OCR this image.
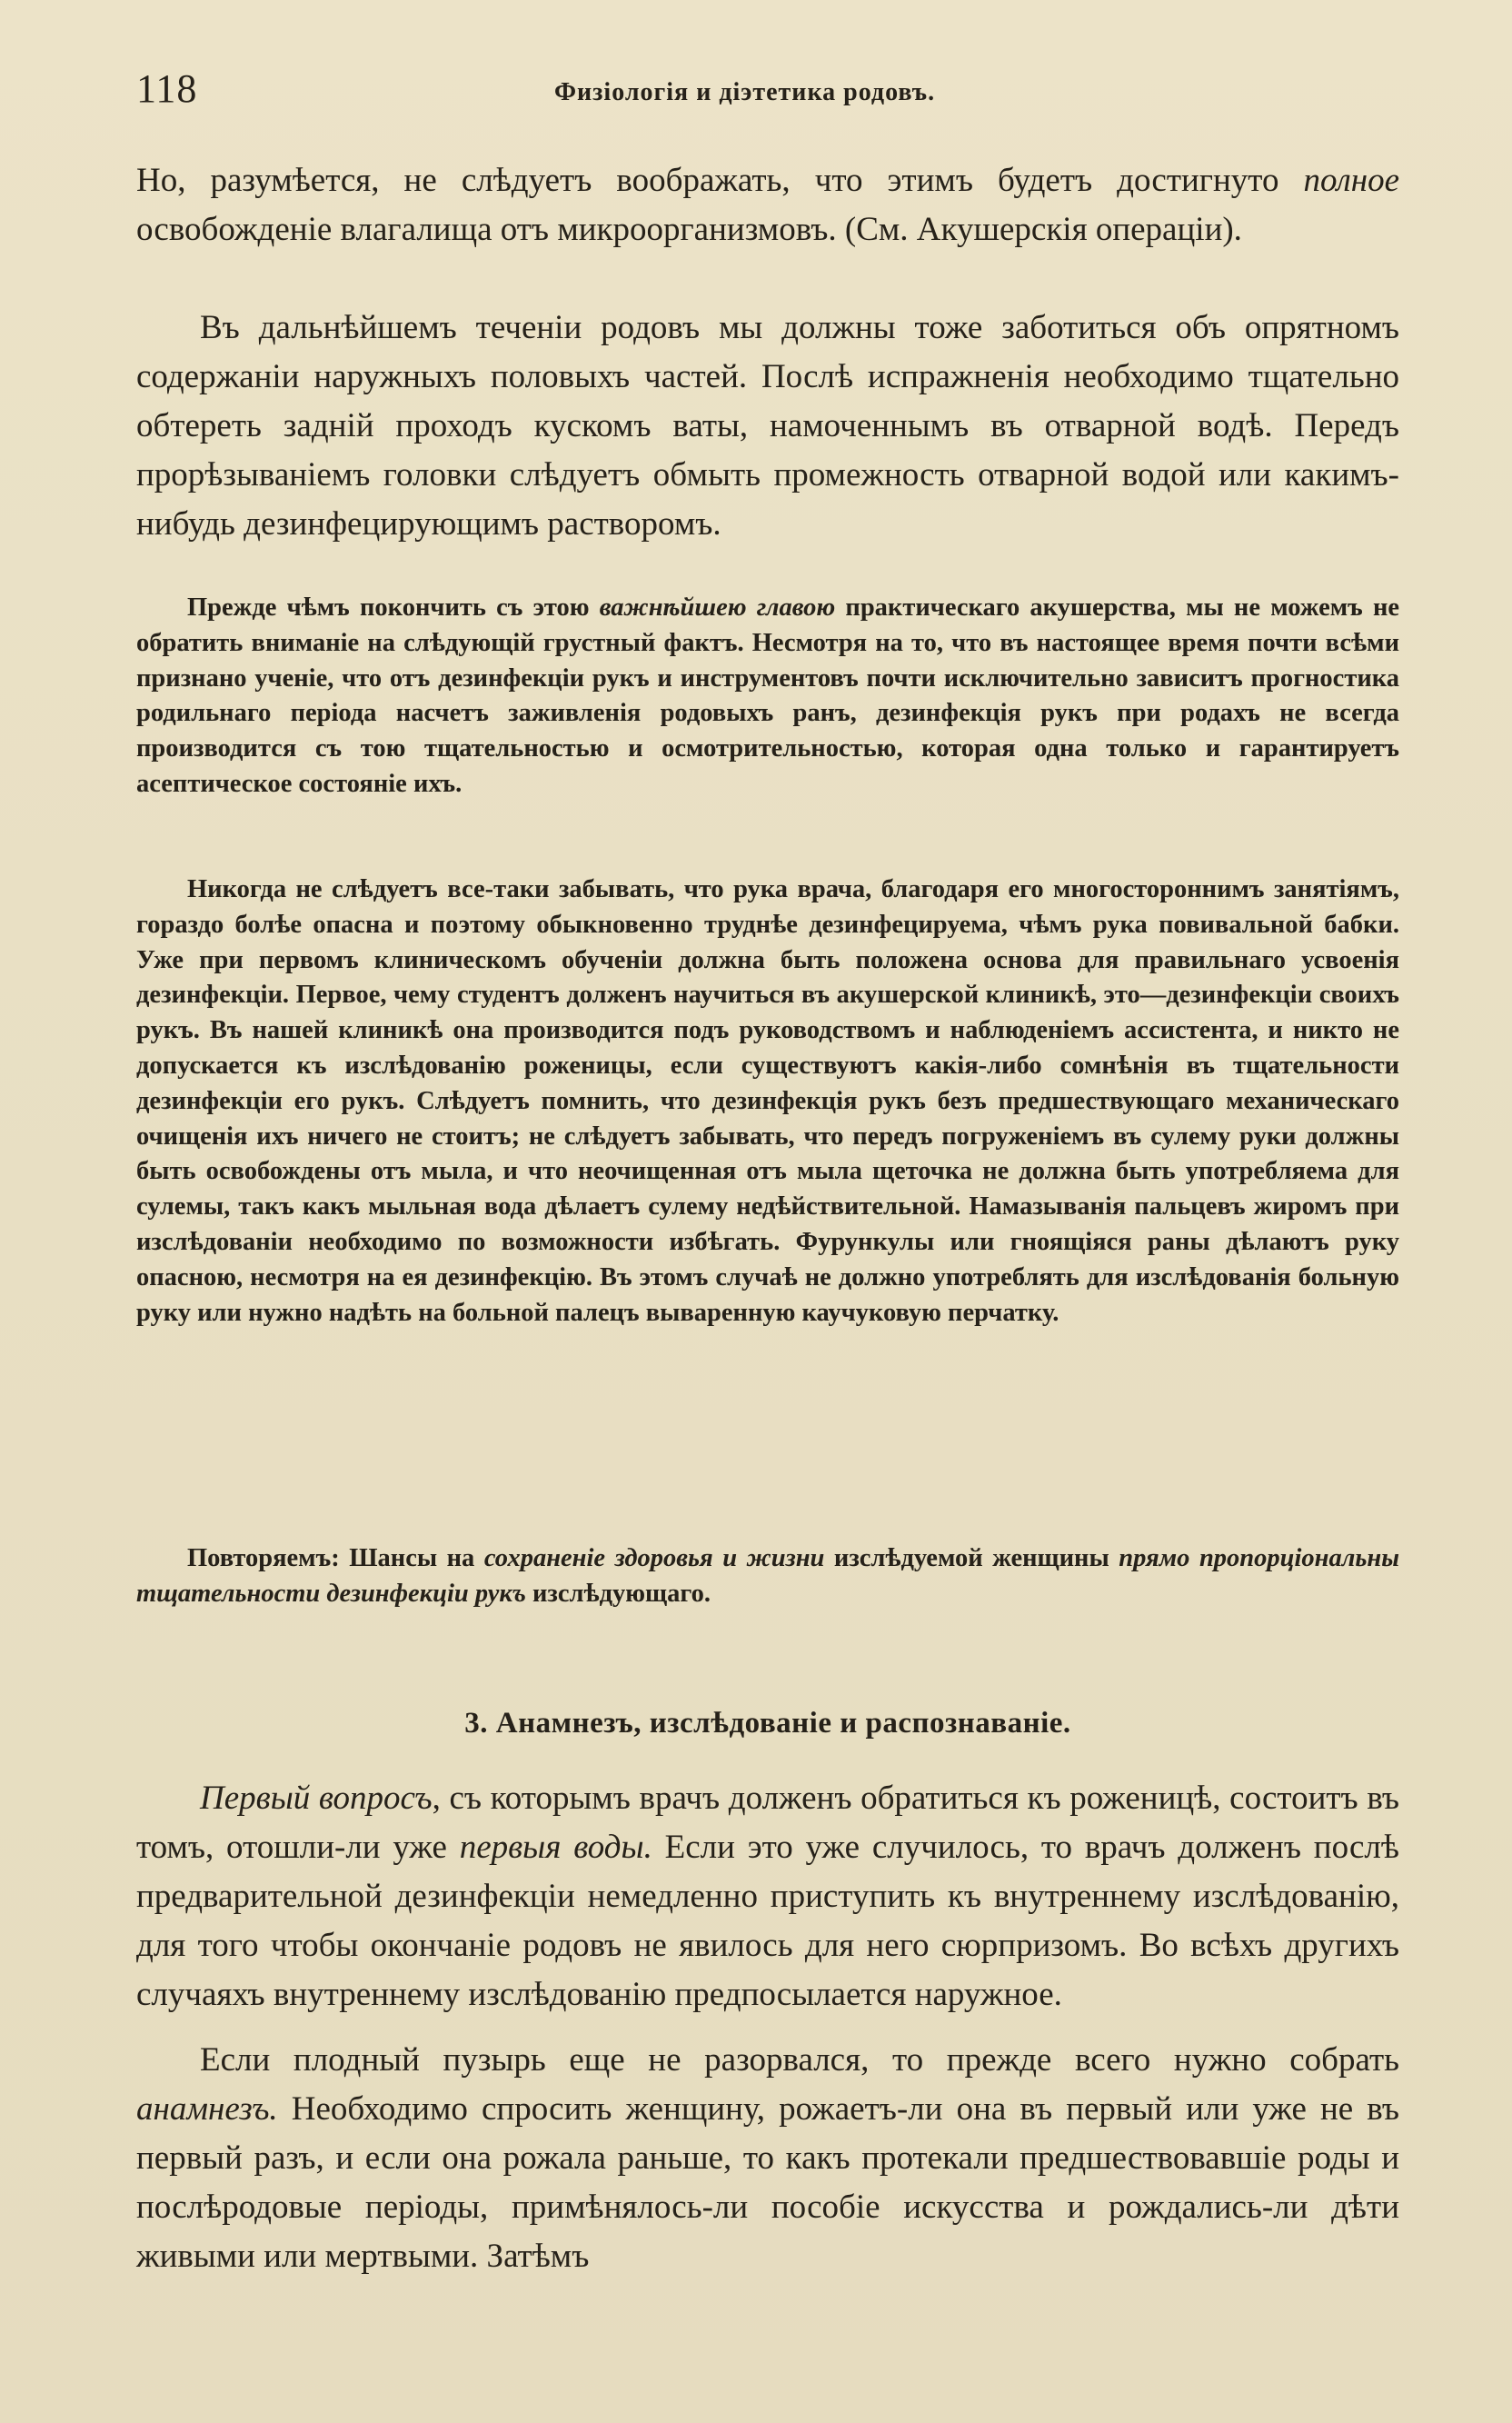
118	Физіологія и діэтетика родовъ.

Но, разумѣется, не слѣдуетъ воображать, что этимъ будетъ достигнуто полное освобожденіе влагалища отъ микроорганизмовъ. (См. Акушерскія операціи).

Въ дальнѣйшемъ теченіи родовъ мы должны тоже заботиться объ опрятномъ содержаніи наружныхъ половыхъ частей. Послѣ испражненія необходимо тщательно обтереть задній проходъ кускомъ ваты, намоченнымъ въ отварной водѣ. Передъ прорѣзываніемъ головки слѣдуетъ обмыть промежность отварной водой или какимъ-нибудь дезинфецирующимъ растворомъ.

Прежде чѣмъ покончить съ этою важнѣйшею главою практическаго акушерства, мы не можемъ не обратить вниманіе на слѣдующій грустный фактъ. Несмотря на то, что въ настоящее время почти всѣми признано ученіе, что отъ дезинфекціи рукъ и инструментовъ почти исключительно зависитъ прогностика родильнаго періода насчетъ заживленія родовыхъ ранъ, дезинфекція рукъ при родахъ не всегда производится съ тою тщательностью и осмотрительностью, которая одна только и гарантируетъ асептическое состояніе ихъ.

Никогда не слѣдуетъ все-таки забывать, что рука врача, благодаря его многостороннимъ занятіямъ, гораздо болѣе опасна и поэтому обыкновенно труднѣе дезинфецируема, чѣмъ рука повивальной бабки. Уже при первомъ клиническомъ обученіи должна быть положена основа для правильнаго усвоенія дезинфекціи. Первое, чему студентъ долженъ научиться въ акушерской клиникѣ, это—дезинфекціи своихъ рукъ. Въ нашей клиникѣ она производится подъ руководствомъ и наблюденіемъ ассистента, и никто не допускается къ изслѣдованію роженицы, если существуютъ какія-либо сомнѣнія въ тщательности дезинфекціи его рукъ. Слѣдуетъ помнить, что дезинфекція рукъ безъ предшествующаго механическаго очищенія ихъ ничего не стоитъ; не слѣдуетъ забывать, что передъ погруженіемъ въ сулему руки должны быть освобождены отъ мыла, и что неочищенная отъ мыла щеточка не должна быть употребляема для сулемы, такъ какъ мыльная вода дѣлаетъ сулему недѣйствительной. Намазыванія пальцевъ жиромъ при изслѣдованіи необходимо по возможности избѣгать. Фурункулы или гноящіяся раны дѣлаютъ руку опасною, несмотря на ея дезинфекцію. Въ этомъ случаѣ не должно употреблять для изслѣдованія больную руку или нужно надѣть на больной палецъ вываренную каучуковую перчатку.

Повторяемъ: Шансы на сохраненіе здоровья и жизни изслѣдуемой женщины прямо пропорціональны тщательности дезинфекціи рукъ изслѣдующаго.

3. Анамнезъ, изслѣдованіе и распознаваніе.

Первый вопросъ, съ которымъ врачъ долженъ обратиться къ роженицѣ, состоитъ въ томъ, отошли-ли уже первыя воды. Если это уже случилось, то врачъ долженъ послѣ предварительной дезинфекціи немедленно приступить къ внутреннему изслѣдованію, для того чтобы окончаніе родовъ не явилось для него сюрпризомъ. Во всѣхъ другихъ случаяхъ внутреннему изслѣдованію предпосылается наружное.

Если плодный пузырь еще не разорвался, то прежде всего нужно собрать анамнезъ. Необходимо спросить женщину, рожаетъ-ли она въ первый или уже не въ первый разъ, и если она рожала раньше, то какъ протекали предшествовавшіе роды и послѣродовые періоды, примѣнялось-ли пособіе искусства и рождались-ли дѣти живыми или мертвыми. Затѣмъ
